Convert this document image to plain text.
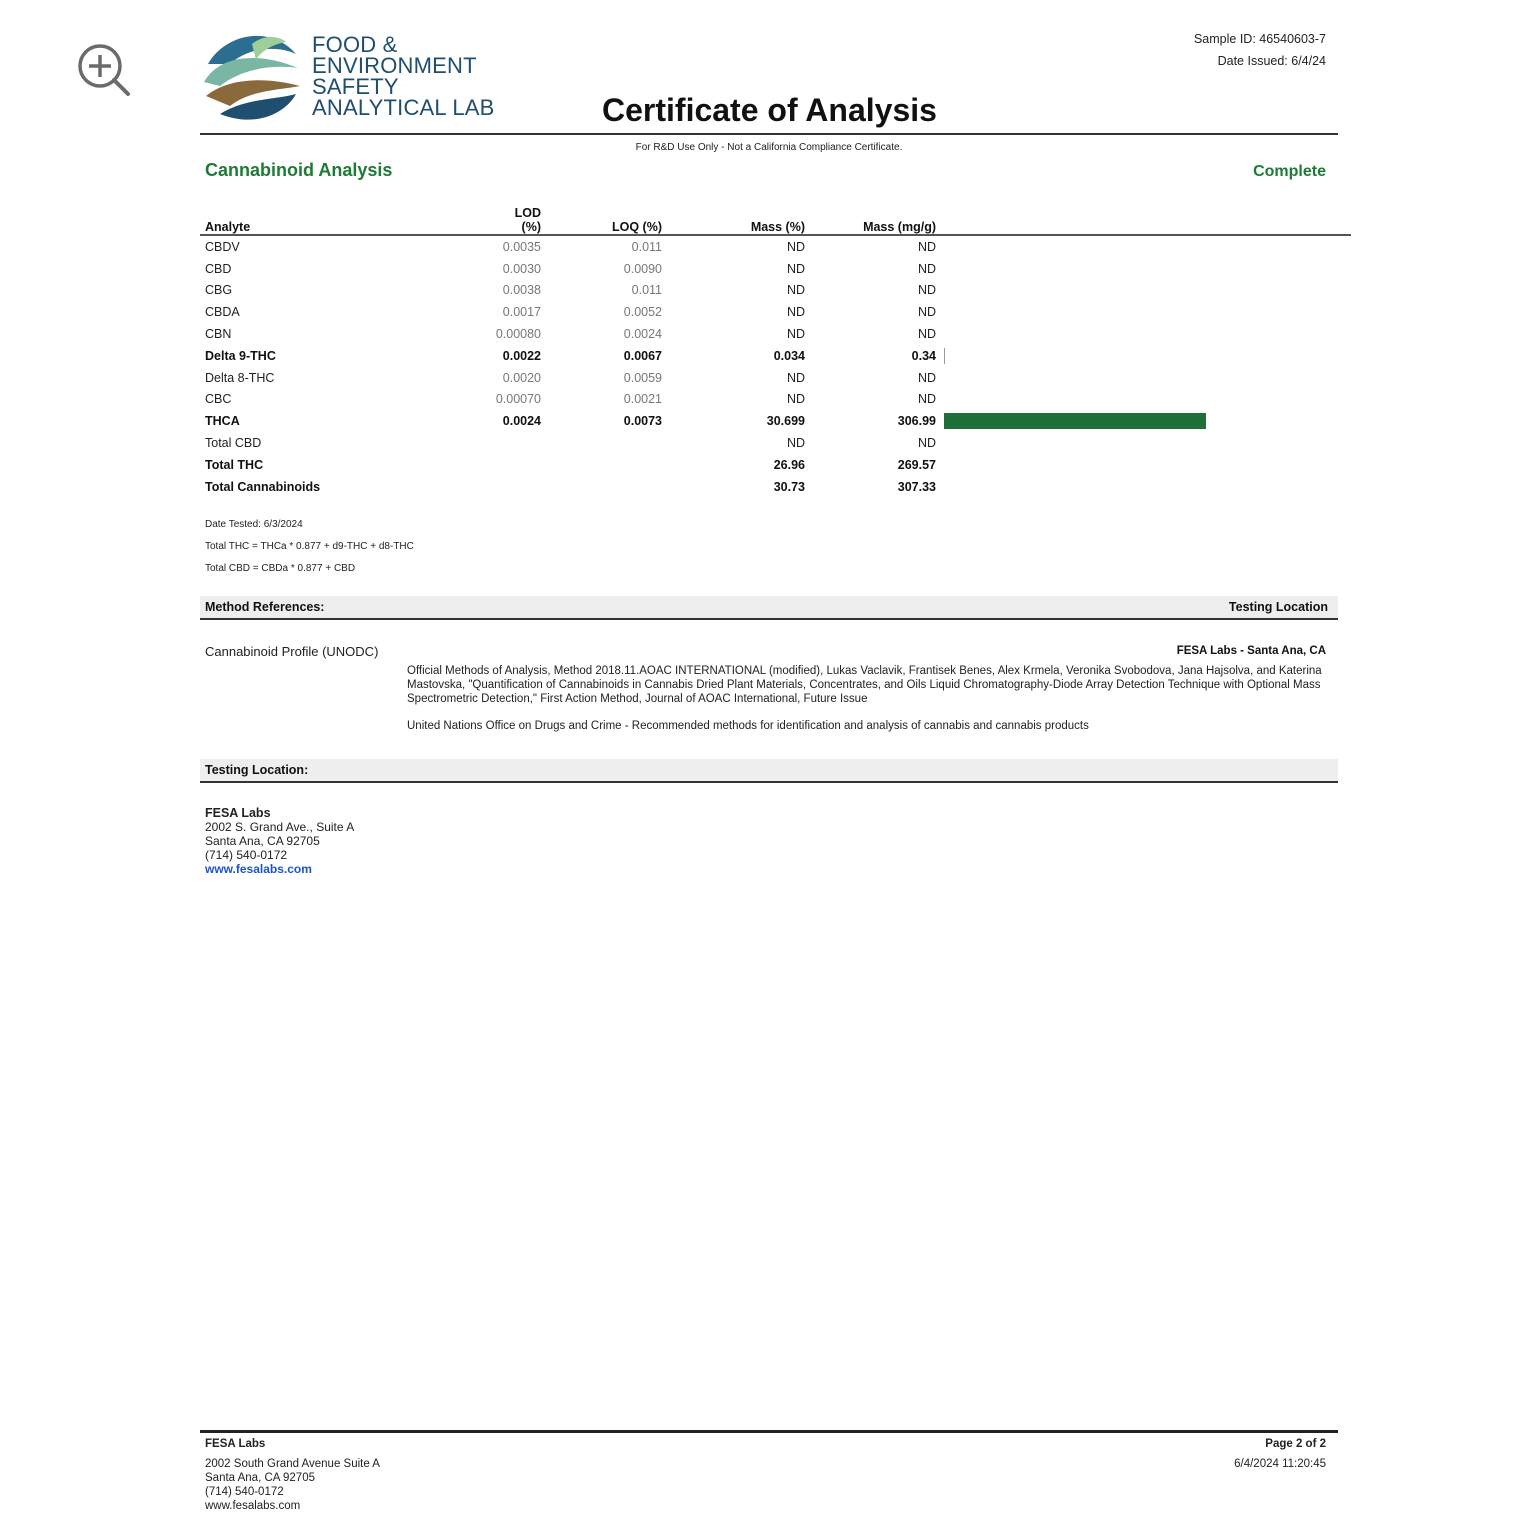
FOOD &
ENVIRONMENT
SAFETY
ANALYTICAL LAB
Sample ID: 46540603-7
Date Issued: 6/4/24
Certificate of Analysis
For R&D Use Only - Not a California Compliance Certificate.
Cannabinoid Analysis	Complete
Analyte	LOD (%)	LOQ (%)	Mass (%)	Mass (mg/g)	
CBDV	0.0035	0.011	ND	ND	
CBD	0.0030	0.0090	ND	ND	
CBG	0.0038	0.011	ND	ND	
CBDA	0.0017	0.0052	ND	ND	
CBN	0.00080	0.0024	ND	ND	
Delta 9-THC	0.0022	0.0067	0.034	0.34	

Delta 8-THC	0.0020	0.0059	ND	ND	
CBC	0.00070	0.0021	ND	ND	
THCA	0.0024	0.0073	30.699	306.99	

Total CBD			ND	ND	
Total THC			26.96	269.57	
Total Cannabinoids			30.73	307.33	
Date Tested: 6/3/2024
Total THC = THCa * 0.877 + d9-THC + d8-THC
Total CBD = CBDa * 0.877 + CBD
Method References:	Testing Location
Cannabinoid Profile (UNODC)	FESA Labs - Santa Ana, CA
Official Methods of Analysis, Method 2018.11.AOAC INTERNATIONAL (modified), Lukas Vaclavik, Frantisek Benes, Alex Krmela, Veronika Svobodova, Jana Hajsolva, and Katerina Mastovska, "Quantification of Cannabinoids in Cannabis Dried Plant Materials, Concentrates, and Oils Liquid Chromatography-Diode Array Detection Technique with Optional Mass Spectrometric Detection," First Action Method, Journal of AOAC International, Future Issue
United Nations Office on Drugs and Crime - Recommended methods for identification and analysis of cannabis and cannabis products
Testing Location:
FESA Labs
2002 S. Grand Ave., Suite A
Santa Ana, CA 92705
(714) 540-0172
www.fesalabs.com
FESA Labs
2002 South Grand Avenue Suite A
Santa Ana, CA 92705
(714) 540-0172
www.fesalabs.com
Page 2 of 2
6/4/2024 11:20:45
